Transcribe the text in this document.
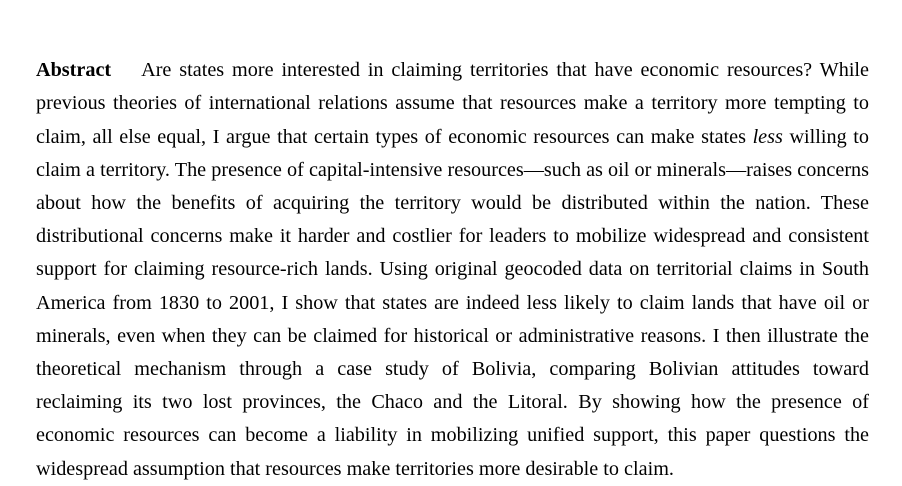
Abstract Are states more interested in claiming territories that have economic resources? While previous theories of international relations assume that resources make a territory more tempting to claim, all else equal, I argue that certain types of economic resources can make states less willing to claim a territory. The presence of capital-intensive resources—such as oil or minerals—raises concerns about how the benefits of acquiring the territory would be distributed within the nation. These distributional concerns make it harder and costlier for leaders to mobilize widespread and consistent support for claiming resource-rich lands. Using original geocoded data on territorial claims in South America from 1830 to 2001, I show that states are indeed less likely to claim lands that have oil or minerals, even when they can be claimed for historical or administrative reasons. I then illustrate the theoretical mechanism through a case study of Bolivia, comparing Bolivian attitudes toward reclaiming its two lost provinces, the Chaco and the Litoral. By showing how the presence of economic resources can become a liability in mobilizing unified support, this paper questions the widespread assumption that resources make territories more desirable to claim.
